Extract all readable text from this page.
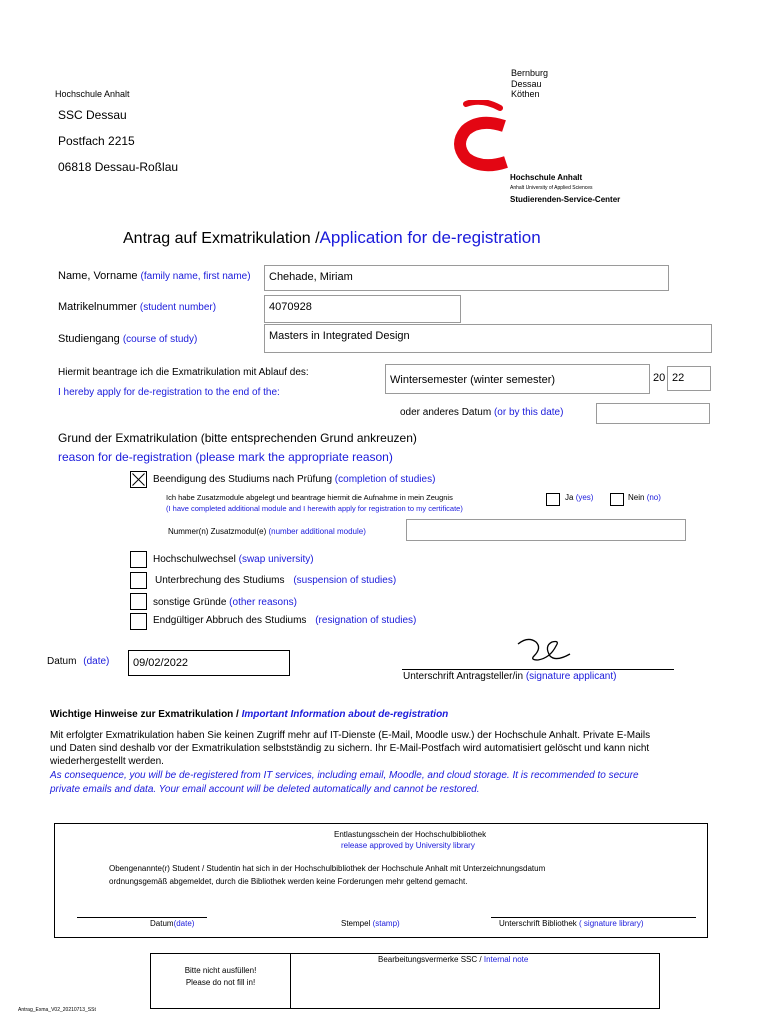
Hochschule Anhalt
SSC Dessau
Postfach 2215
06818 Dessau-Roßlau
Bernburg
Dessau
Köthen
Hochschule Anhalt
Anhalt University of Applied Sciences
Studierenden-Service-Center
Antrag auf Exmatrikulation /Application for de-registration
Name, Vorname (family name, first name)	Chehade, Miriam
Matrikelnummer (student number)	4070928
Studiengang (course of study)	Masters in Integrated Design
Hiermit beantrage ich die Exmatrikulation mit Ablauf des:
I hereby apply for de-registration to the end of the:
Wintersemester (winter semester)	20 22
oder anderes Datum (or by this date)
Grund der Exmatrikulation (bitte entsprechenden Grund ankreuzen)
reason for de-registration (please mark the appropriate reason)
Beendigung des Studiums nach Prüfung (completion of studies)
Ich habe Zusatzmodule abgelegt und beantrage hiermit die Aufnahme in mein Zeugnis
(I have completed additional module and I herewith apply for registration to my certificate)
Ja (yes)	Nein (no)
Nummer(n) Zusatzmodul(e) (number additional module)
Hochschulwechsel (swap university)
Unterbrechung des Studiums (suspension of studies)
sonstige Gründe (other reasons)
Endgültiger Abbruch des Studiums (resignation of studies)
Datum (date)	09/02/2022
Unterschrift Antragsteller/in (signature applicant)
Wichtige Hinweise zur Exmatrikulation / Important Information about de-registration
Mit erfolgter Exmatrikulation haben Sie keinen Zugriff mehr auf IT-Dienste (E-Mail, Moodle usw.) der Hochschule Anhalt. Private E-Mails
und Daten sind deshalb vor der Exmatrikulation selbstständig zu sichern. Ihr E-Mail-Postfach wird automatisiert gelöscht und kann nicht
wiederhergestellt werden.
As consequence, you will be de-registered from IT services, including email, Moodle, and cloud storage. It is recommended to secure
private emails and data. Your email account will be deleted automatically and cannot be restored.
Entlastungsschein der Hochschulbibliothek
release approved by University library
Obengenannte(r) Student / Studentin hat sich in der Hochschulbibliothek der Hochschule Anhalt mit Unterzeichnungsdatum
ordnungsgemäß abgemeldet, durch die Bibliothek werden keine Forderungen mehr geltend gemacht.
Datum(date)	Stempel (stamp)	Unterschrift Bibliothek ( signature library)
Bitte nicht ausfüllen!
Please do not fill in!
Bearbeitungsvermerke SSC / Internal note
Antrag_Exma_V02_20210713_SSt
